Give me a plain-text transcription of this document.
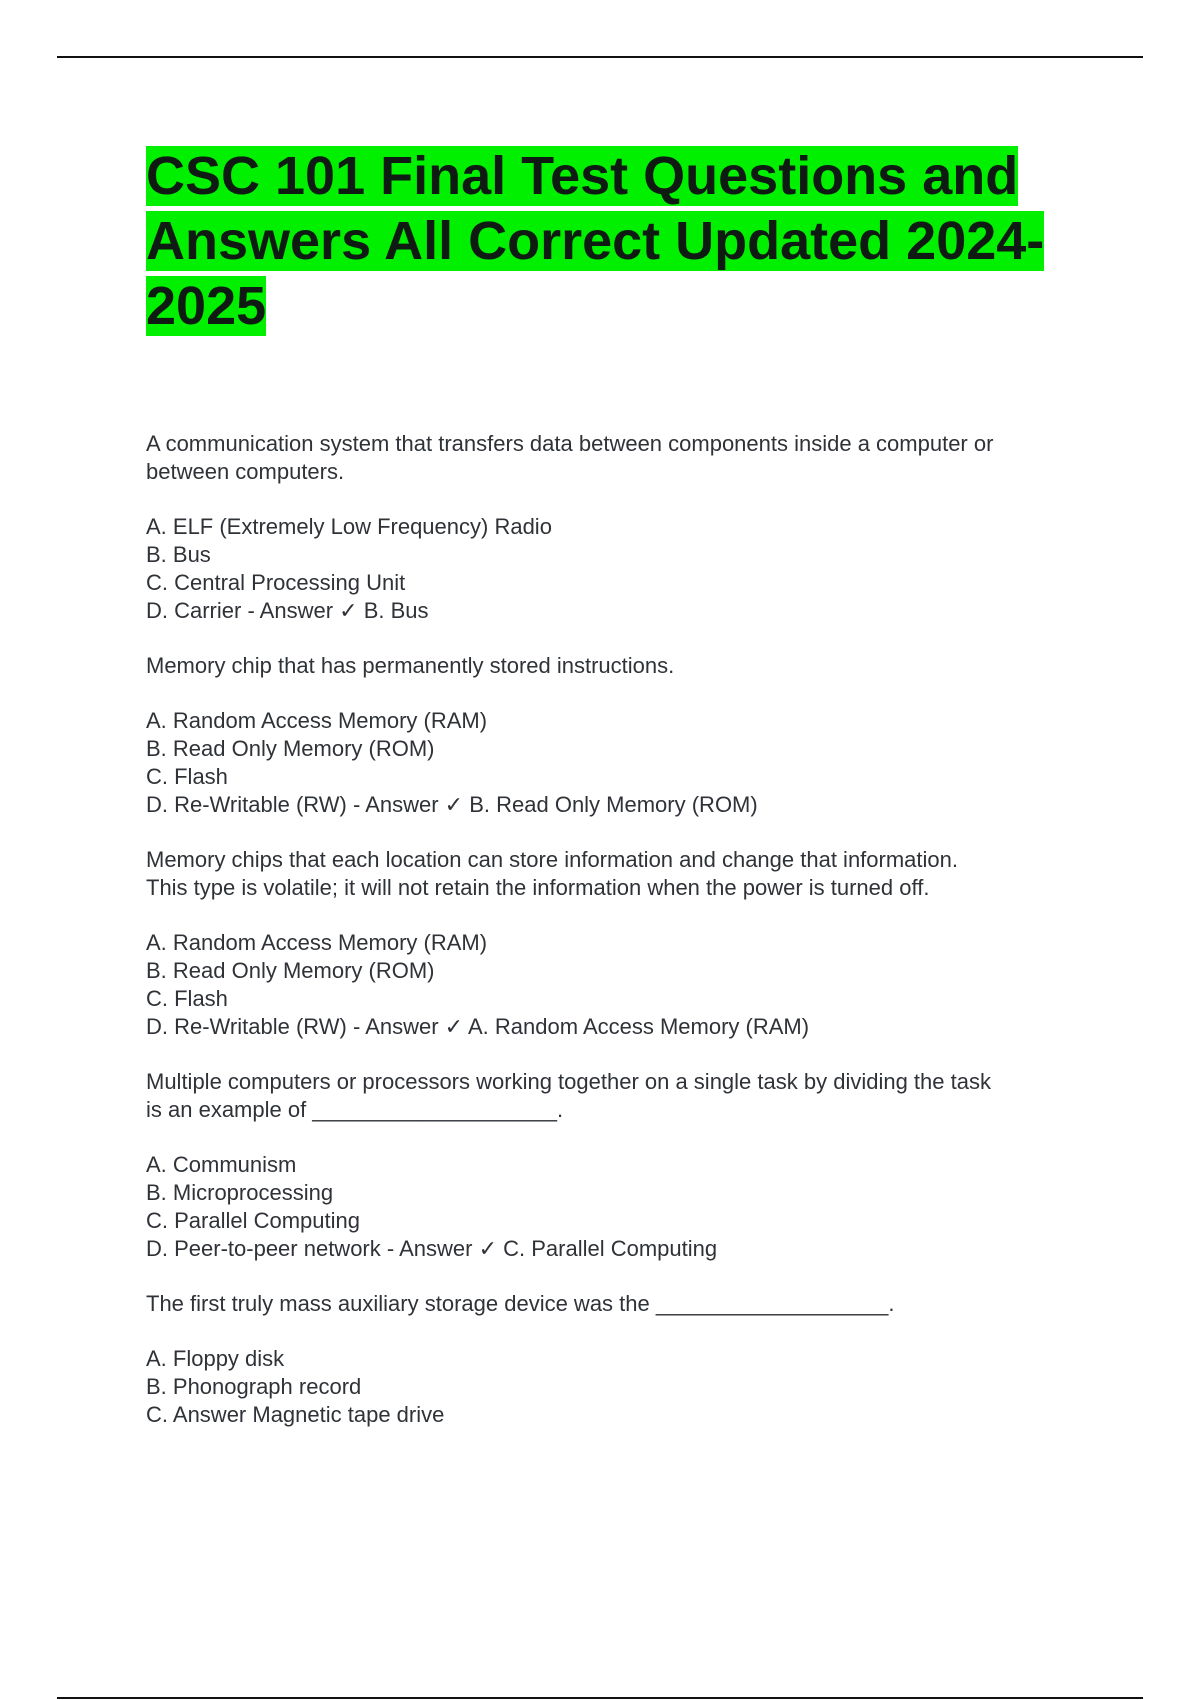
CSC 101 Final Test Questions and
Answers All Correct Updated 2024-
2025

A communication system that transfers data between components inside a computer or
between computers.

A. ELF (Extremely Low Frequency) Radio
B. Bus
C. Central Processing Unit
D. Carrier - Answer ✓ B. Bus

Memory chip that has permanently stored instructions.

A. Random Access Memory (RAM)
B. Read Only Memory (ROM)
C. Flash
D. Re-Writable (RW) - Answer ✓ B. Read Only Memory (ROM)

Memory chips that each location can store information and change that information.
This type is volatile; it will not retain the information when the power is turned off.

A. Random Access Memory (RAM)
B. Read Only Memory (ROM)
C. Flash
D. Re-Writable (RW) - Answer ✓ A. Random Access Memory (RAM)

Multiple computers or processors working together on a single task by dividing the task
is an example of ____________________.

A. Communism
B. Microprocessing
C. Parallel Computing
D. Peer-to-peer network - Answer ✓ C. Parallel Computing

The first truly mass auxiliary storage device was the ___________________.

A. Floppy disk
B. Phonograph record
C. Answer Magnetic tape drive
